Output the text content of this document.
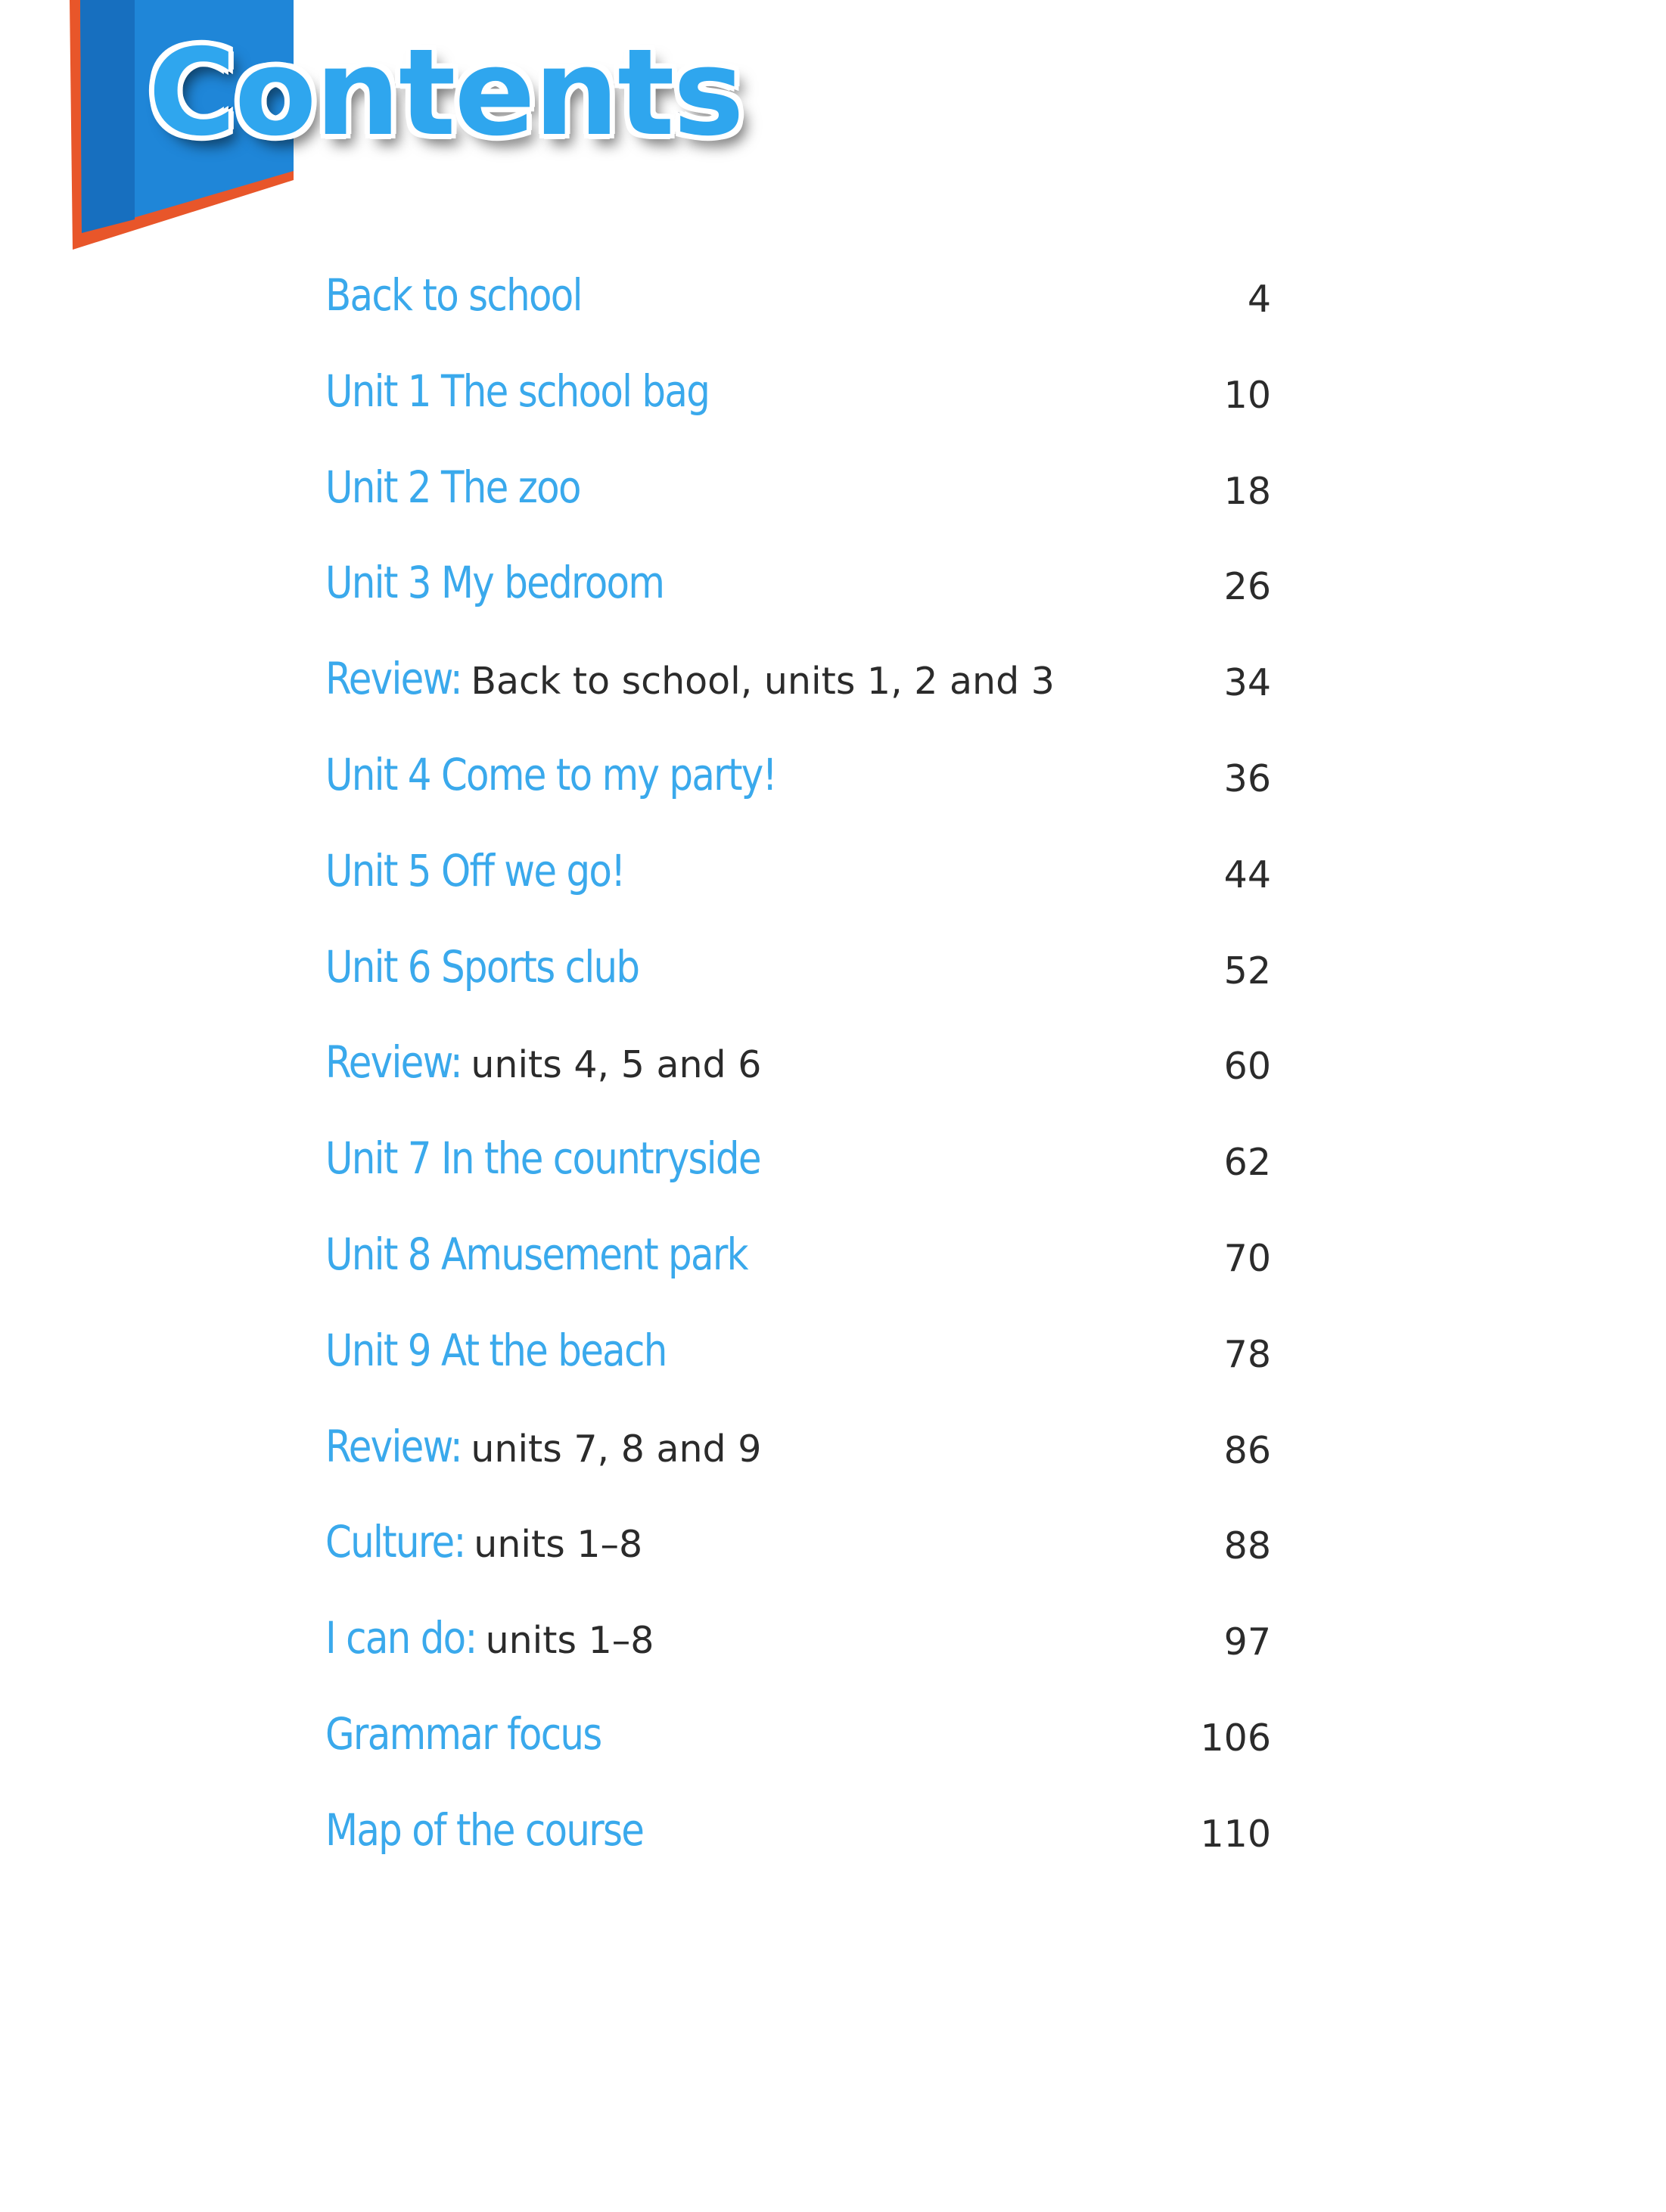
Contents
Back to school	4
Unit 1 The school bag	10
Unit 2 The zoo	18
Unit 3 My bedroom	26
Review: Back to school, units 1, 2 and 3	34
Unit 4 Come to my party!	36
Unit 5 Off we go!	44
Unit 6 Sports club	52
Review: units 4, 5 and 6	60
Unit 7 In the countryside	62
Unit 8 Amusement park	70
Unit 9 At the beach	78
Review: units 7, 8 and 9	86
Culture: units 1–8	88
I can do: units 1–8	97
Grammar focus	106
Map of the course	110
